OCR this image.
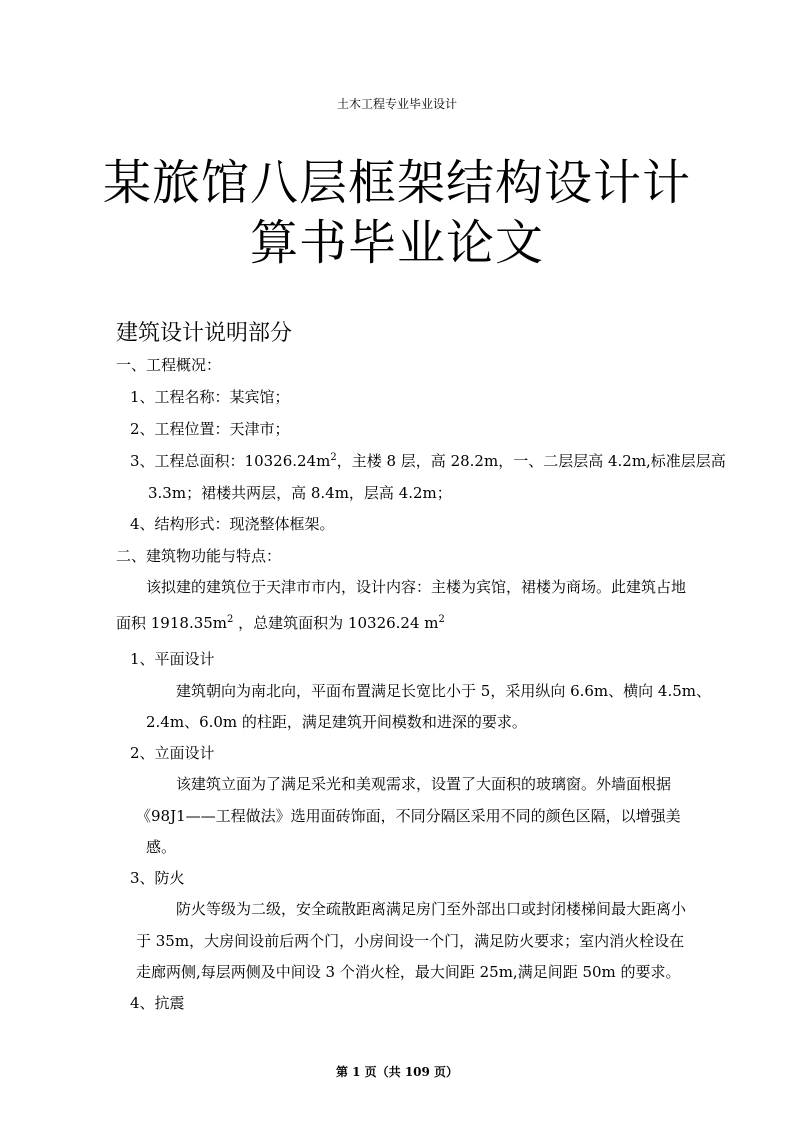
土木工程专业毕业设计
某旅馆八层框架结构设计计
算书毕业论文
建筑设计说明部分
一、工程概况：
1、工程名称：某宾馆；
2、工程位置：天津市；
3、工程总面积：$10326.24m^2$，主楼 8 层，高 28.2m，一、二层层高 4.2m,标准层层高
3.3m；裙楼共两层，高 8.4m，层高 4.2m；
4、结构形式：现浇整体框架。
二、建筑物功能与特点：
该拟建的建筑位于天津市市内，设计内容：主楼为宾馆，裙楼为商场。此建筑占地
面积 $1918.35m^2$ ，总建筑面积为 10326.24 $m^2$
1、平面设计
建筑朝向为南北向，平面布置满足长宽比小于 5，采用纵向 6.6m、横向 4.5m、
2.4m、6.0m 的柱距，满足建筑开间模数和进深的要求。
2、立面设计
该建筑立面为了满足采光和美观需求，设置了大面积的玻璃窗。外墙面根据
《98J1——工程做法》选用面砖饰面，不同分隔区采用不同的颜色区隔，以增强美
感。
3、防火
防火等级为二级，安全疏散距离满足房门至外部出口或封闭楼梯间最大距离小
于 35m，大房间设前后两个门，小房间设一个门，满足防火要求；室内消火栓设在
走廊两侧,每层两侧及中间设 3 个消火栓，最大间距 25m,满足间距 50m 的要求。
4、抗震
第 1 页（共 109 页）
